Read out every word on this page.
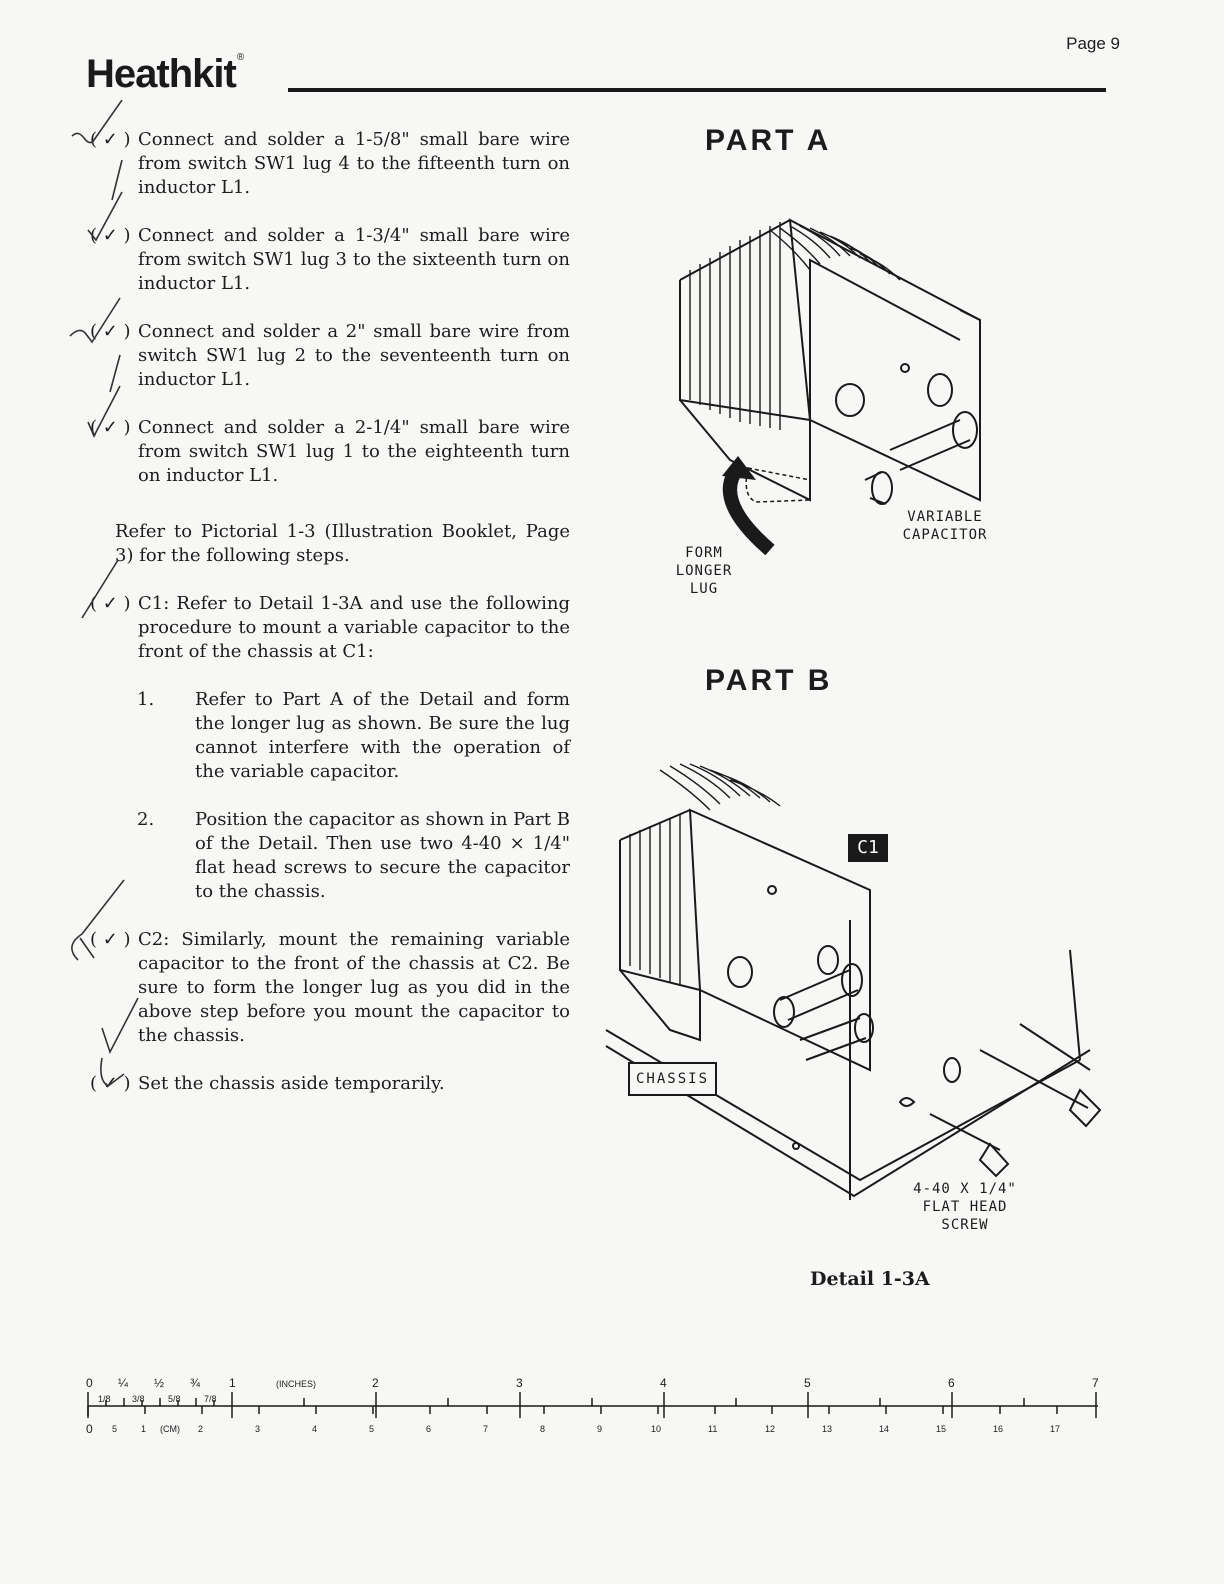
Heathkit®
Page 9
( ✓ ) Connect and solder a 1-5/8" small bare wire from switch SW1 lug 4 to the fifteenth turn on inductor L1.
( ✓ ) Connect and solder a 1-3/4" small bare wire from switch SW1 lug 3 to the sixteenth turn on inductor L1.
( ✓ ) Connect and solder a 2" small bare wire from switch SW1 lug 2 to the seventeenth turn on inductor L1.
( ✓ ) Connect and solder a 2-1/4" small bare wire from switch SW1 lug 1 to the eighteenth turn on inductor L1.
Refer to Pictorial 1-3 (Illustration Booklet, Page 3) for the following steps.
( ✓ ) C1: Refer to Detail 1-3A and use the following procedure to mount a variable capacitor to the front of the chassis at C1:
1. Refer to Part A of the Detail and form the longer lug as shown. Be sure the lug cannot interfere with the operation of the variable capacitor.
2. Position the capacitor as shown in Part B of the Detail. Then use two 4-40 × 1/4" flat head screws to secure the capacitor to the chassis.
( ✓ ) C2: Similarly, mount the remaining variable capacitor to the front of the chassis at C2. Be sure to form the longer lug as you did in the above step before you mount the capacitor to the chassis.
( ✓ ) Set the chassis aside temporarily.
PART A
VARIABLE
CAPACITOR
FORM
LONGER
LUG
PART B
C1
CHASSIS
4-40 X 1/4"
FLAT HEAD
SCREW
Detail 1-3A
0 ¼ ½ ¾ 1	(INCHES)	2	3	4	5	6	7
1/8 3/8	5/8	7/8
0 5	1 (CM) 2	3	4	5	6	7	8	9	10	11	12	13	14	15	16	17
